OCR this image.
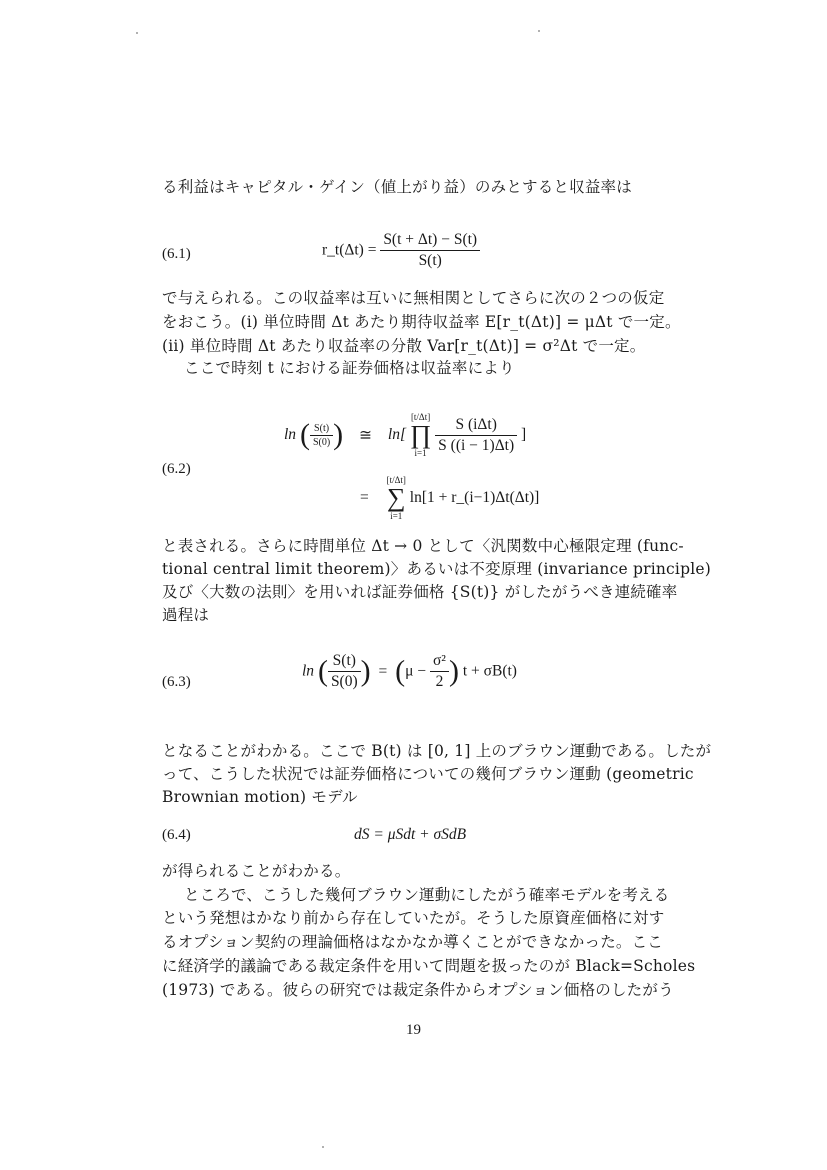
る利益はキャピタル・ゲイン（値上がり益）のみとすると収益率は
(6.1)	r_t(Δt) = $\frac{S(t + \Delta t) - S(t)}{S(t)}$
で与えられる。この収益率は互いに無相関としてさらに次の２つの仮定
をおこう。(i) 単位時間 Δt あたり期待収益率 E[r_t(Δt)] = μΔt で一定。
(ii) 単位時間 Δt あたり収益率の分散 Var[r_t(Δt)] = σ²Δt で一定。
ここで時刻 t における証券価格は収益率により
(6.2)
ln ( $\frac{S(t)}{S(0)}$ ) ≅ ln[
[t/Δt]
∏
i=1
$\frac{\text{S (iΔt)}}{S ((i - 1)\Delta t)}$ ]
=
[t/Δt]
∑
i=1
ln[1 + r_(i−1)Δt(Δt)]
と表される。さらに時間単位 Δt → 0 として〈汎関数中心極限定理 (func-
tional central limit theorem)〉あるいは不変原理 (invariance principle)
及び〈大数の法則〉を用いれば証券価格 {S(t)} がしたがうべき連続確率
過程は
(6.3)
ln ( $\frac{S(t)}{S(0)}$ ) = ($\mu - \frac{\text{σ²}}{2}$ ) t + σB(t)
となることがわかる。ここで B(t) は [0, 1] 上のブラウン運動である。したが
って、こうした状況では証券価格についての幾何ブラウン運動 (geometric
Brownian motion) モデル
(6.4)	dS = μSdt + σSdB
が得られることがわかる。
ところで、こうした幾何ブラウン運動にしたがう確率モデルを考える
という発想はかなり前から存在していたが。そうした原資産価格に対す
るオプション契約の理論価格はなかなか導くことができなかった。ここ
に経済学的議論である裁定条件を用いて問題を扱ったのが Black=Scholes
(1973) である。彼らの研究では裁定条件からオプション価格のしたがう
19
